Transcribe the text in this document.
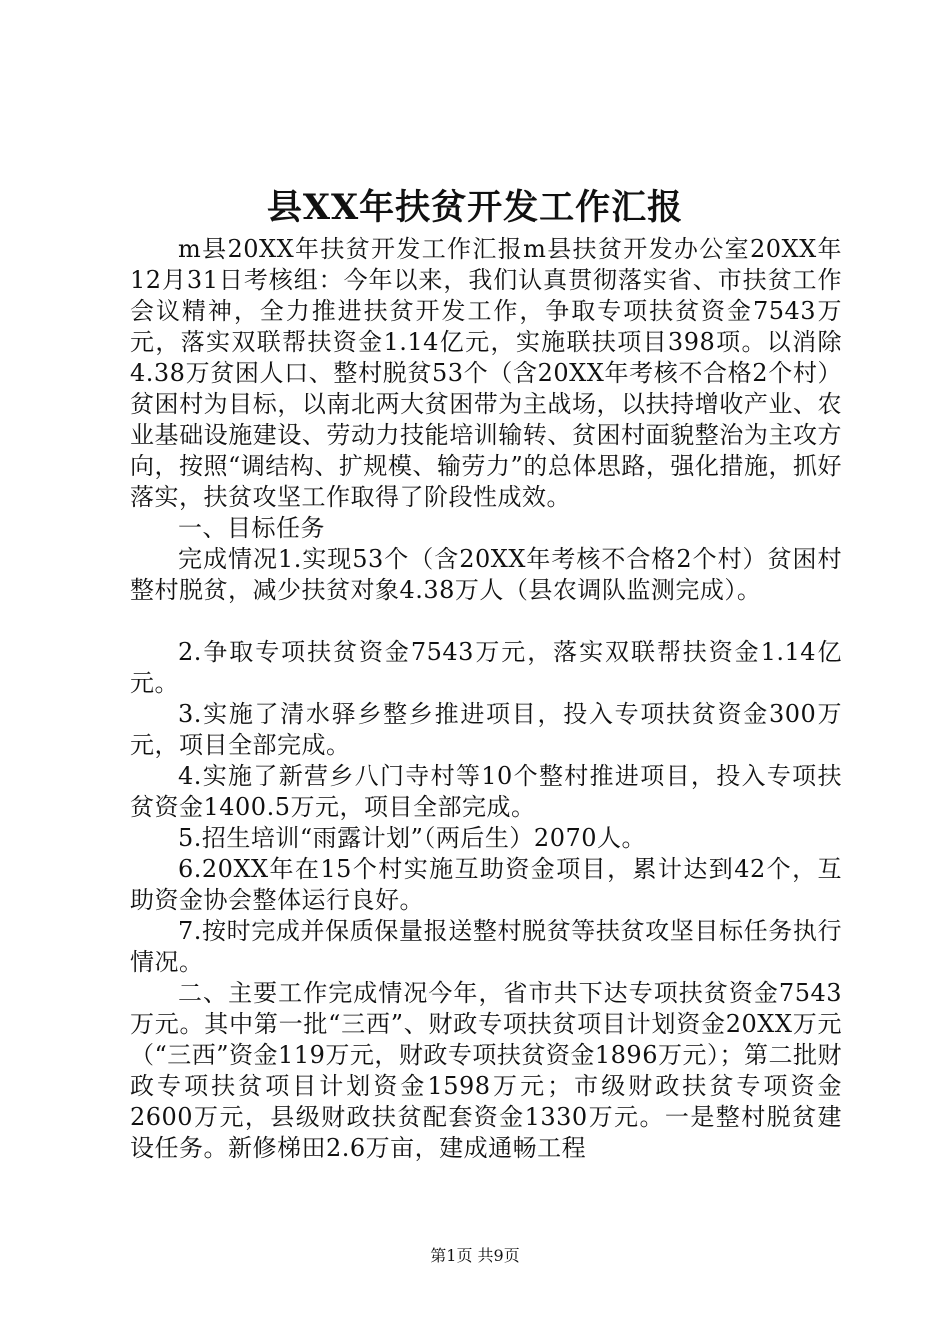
县XX年扶贫开发工作汇报

m县20XX年扶贫开发工作汇报m县扶贫开发办公室20XX年12月31日考核组：今年以来，我们认真贯彻落实省、市扶贫工作会议精神，全力推进扶贫开发工作，争取专项扶贫资金7543万元，落实双联帮扶资金1.14亿元，实施联扶项目398项。以消除4.38万贫困人口、整村脱贫53个（含20XX年考核不合格2个村）贫困村为目标，以南北两大贫困带为主战场，以扶持增收产业、农业基础设施建设、劳动力技能培训输转、贫困村面貌整治为主攻方向，按照“调结构、扩规模、输劳力”的总体思路，强化措施，抓好落实，扶贫攻坚工作取得了阶段性成效。

一、目标任务

完成情况1.实现53个（含20XX年考核不合格2个村）贫困村整村脱贫，减少扶贫对象4.38万人（县农调队监测完成）。

2.争取专项扶贫资金7543万元，落实双联帮扶资金1.14亿元。

3.实施了清水驿乡整乡推进项目，投入专项扶贫资金300万元，项目全部完成。

4.实施了新营乡八门寺村等10个整村推进项目，投入专项扶贫资金1400.5万元，项目全部完成。

5.招生培训“雨露计划”（两后生）2070人。

6.20XX年在15个村实施互助资金项目，累计达到42个，互助资金协会整体运行良好。

7.按时完成并保质保量报送整村脱贫等扶贫攻坚目标任务执行情况。

二、主要工作完成情况今年，省市共下达专项扶贫资金7543万元。其中第一批“三西”、财政专项扶贫项目计划资金20XX万元（“三西”资金119万元，财政专项扶贫资金1896万元）；第二批财政专项扶贫项目计划资金1598万元；市级财政扶贫专项资金2600万元，县级财政扶贫配套资金1330万元。一是整村脱贫建设任务。新修梯田2.6万亩，建成通畅工程

第1页 共9页
